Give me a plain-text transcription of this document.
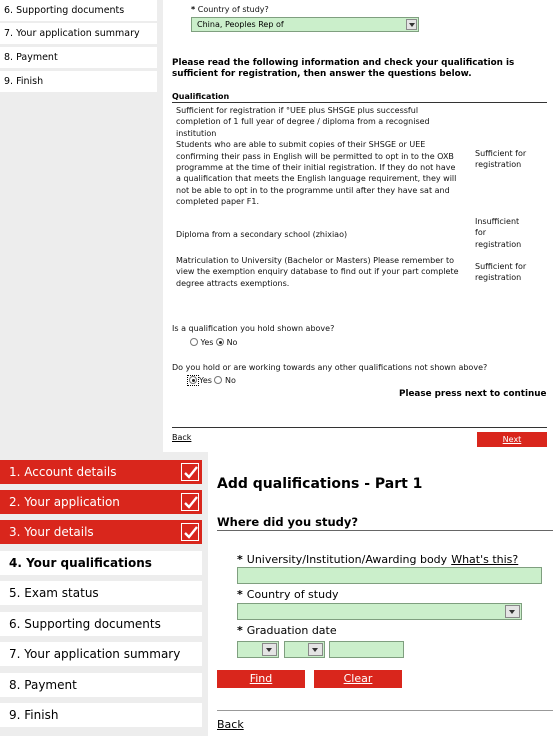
6. Supporting documents
7. Your application summary
8. Payment
9. Finish
* Country of study?
China, Peoples Rep of
Please read the following information and check your qualification is sufficient for registration, then answer the questions below.
Qualification
Sufficient for registration if °UEE plus SHSGE plus successful completion of 1 full year of degree / diploma from a recognised institution
Students who are able to submit copies of their SHSGE or UEE confirming their pass in English will be permitted to opt in to the OXB programme at the time of their initial registration. If they do not have a qualification that meets the English language requirement, they will not be able to opt in to the programme until after they have sat and completed paper F1.
Sufficient for registration
Diploma from a secondary school (zhixiao)
Insufficient for registration
Matriculation to University (Bachelor or Masters) Please remember to view the exemption enquiry database to find out if your part complete degree attracts exemptions.
Sufficient for registration
Is a qualification you hold shown above?
Yes No
Do you hold or are working towards any other qualifications not shown above?
Yes No
Please press next to continue
Back	Next
1. Account details
2. Your application
3. Your details
4. Your qualifications
5. Exam status
6. Supporting documents
7. Your application summary
8. Payment
9. Finish
Add qualifications - Part 1
Where did you study?
* University/Institution/Awarding body What's this?
* Country of study
* Graduation date
Find	Clear
Back
